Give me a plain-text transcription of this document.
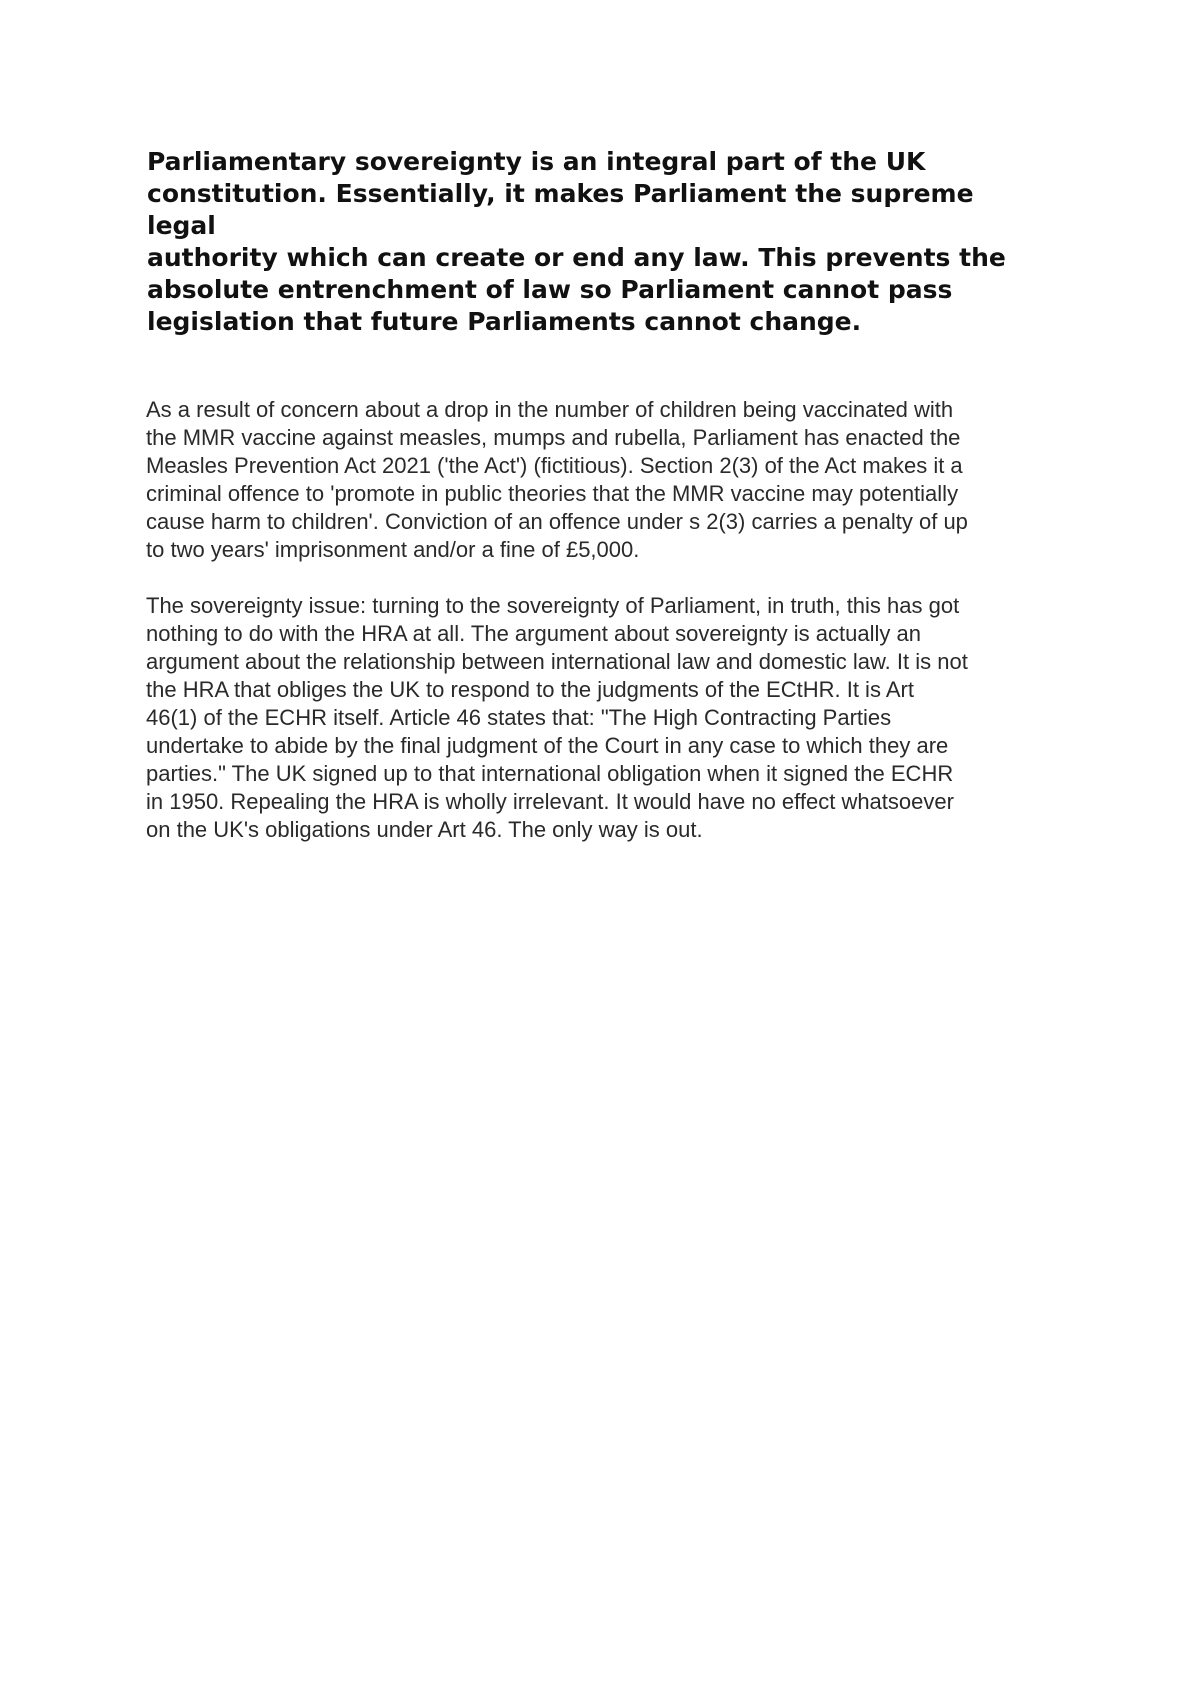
Parliamentary sovereignty is an integral part of the UK
constitution. Essentially, it makes Parliament the supreme legal
authority which can create or end any law. This prevents the
absolute entrenchment of law so Parliament cannot pass
legislation that future Parliaments cannot change.

As a result of concern about a drop in the number of children being vaccinated with
the MMR vaccine against measles, mumps and rubella, Parliament has enacted the
Measles Prevention Act 2021 ('the Act') (fictitious). Section 2(3) of the Act makes it a
criminal offence to 'promote in public theories that the MMR vaccine may potentially
cause harm to children'. Conviction of an offence under s 2(3) carries a penalty of up
to two years' imprisonment and/or a fine of £5,000.

The sovereignty issue: turning to the sovereignty of Parliament, in truth, this has got
nothing to do with the HRA at all. The argument about sovereignty is actually an
argument about the relationship between international law and domestic law. It is not
the HRA that obliges the UK to respond to the judgments of the ECtHR. It is Art
46(1) of the ECHR itself. Article 46 states that: "The High Contracting Parties
undertake to abide by the final judgment of the Court in any case to which they are
parties." The UK signed up to that international obligation when it signed the ECHR
in 1950. Repealing the HRA is wholly irrelevant. It would have no effect whatsoever
on the UK's obligations under Art 46. The only way is out.
